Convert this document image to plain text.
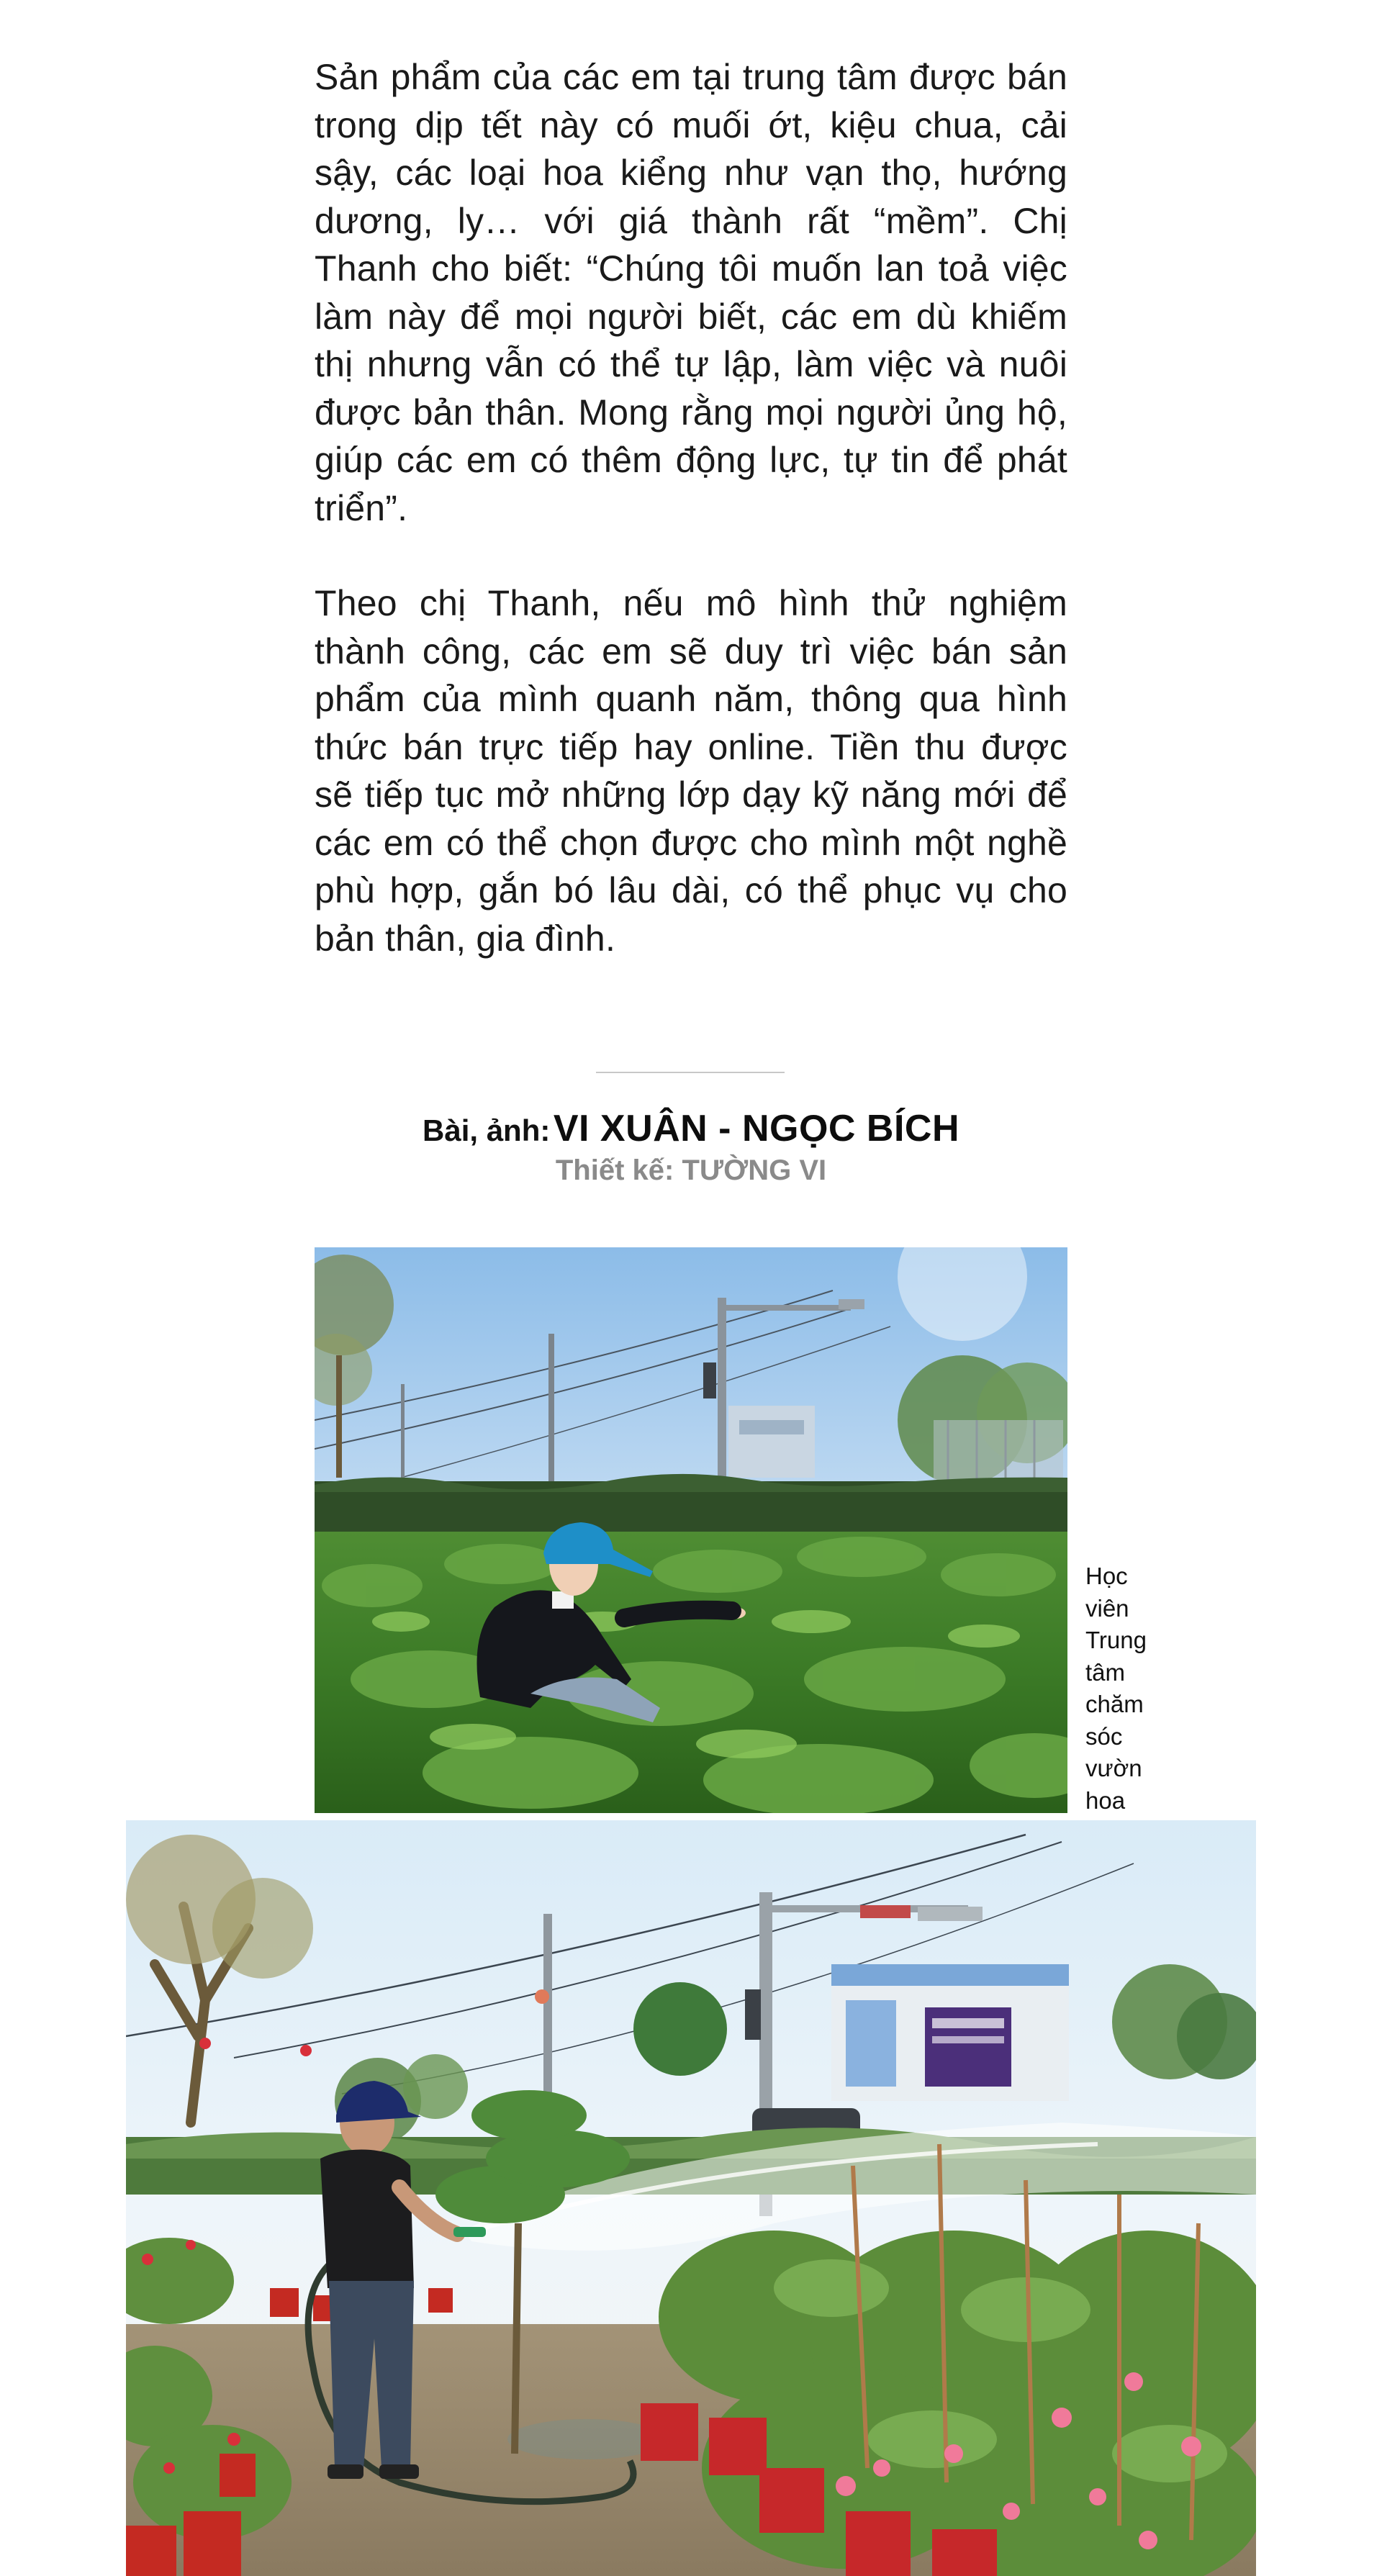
Sản phẩm của các em tại trung tâm được bán trong dịp tết này có muối ớt, kiệu chua, cải sậy, các loại hoa kiểng như vạn thọ, hướng dương, ly… với giá thành rất “mềm”. Chị Thanh cho biết: “Chúng tôi muốn lan toả việc làm này để mọi người biết, các em dù khiếm thị nhưng vẫn có thể tự lập, làm việc và nuôi được bản thân. Mong rằng mọi người ủng hộ, giúp các em có thêm động lực, tự tin để phát triển”.

Theo chị Thanh, nếu mô hình thử nghiệm thành công, các em sẽ duy trì việc bán sản phẩm của mình quanh năm, thông qua hình thức bán trực tiếp hay online. Tiền thu được sẽ tiếp tục mở những lớp dạy kỹ năng mới để các em có thể chọn được cho mình một nghề phù hợp, gắn bó lâu dài, có thể phục vụ cho bản thân, gia đình.

Bài, ảnh: VI XUÂN - NGỌC BÍCH
Thiết kế: TƯỜNG VI
Học viên Trung tâm chăm sóc vườn hoa
